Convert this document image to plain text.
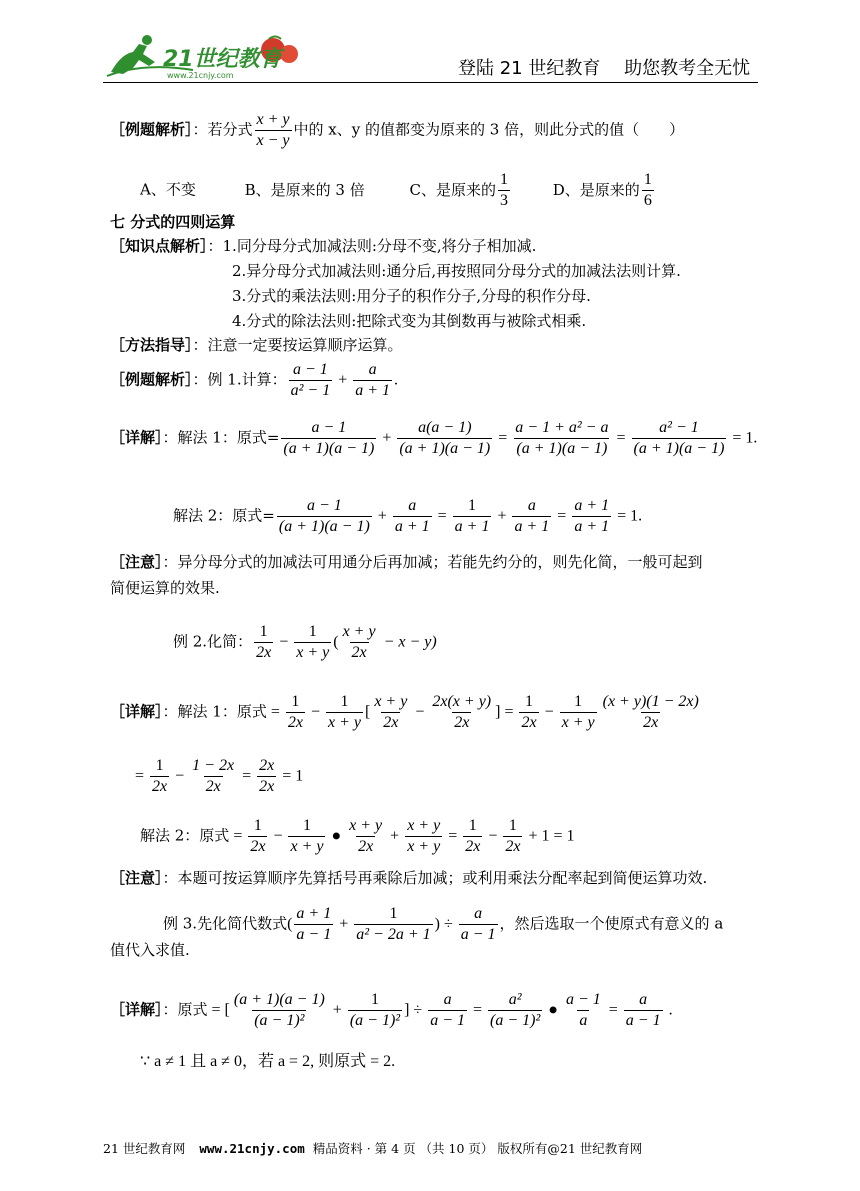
21世纪教育
www.21cnjy.com	登陆 21 世纪教育　 助您教考全无忧
［例题解析］：若分式 $\frac{x + y}{x - y}$ 中的 x、y 的值都变为原来的 3 倍，则此分式的值（　　）
A、不变	B、是原来的 3 倍	C、是原来的 $\frac{1}{3}$	D、是原来的 $\frac{1}{6}$
七 分式的四则运算
［知识点解析］：1.同分母分式加减法则:分母不变,将分子相加减.
2.异分母分式加减法则:通分后,再按照同分母分式的加减法法则计算.
3.分式的乘法法则:用分子的积作分子,分母的积作分母.
4.分式的除法法则:把除式变为其倒数再与被除式相乘.
［方法指导］：注意一定要按运算顺序运算。
［例题解析］：例 1.计算： $\frac{a - 1}{\text{a² − 1}} + \frac{a}{a + 1}$ .
［详解］：解法 1：原式= $\frac{a - 1}{(a + 1)(a - 1)} + \frac{a(a - 1)}{(a + 1)(a - 1)} = \frac{\text{a − 1 + a² − a}}{(a + 1)(a - 1)} = \frac{\text{a² − 1}}{(a + 1)(a - 1)} = 1$.
解法 2：原式= $\frac{a - 1}{(a + 1)(a - 1)} + \frac{a}{a + 1} = \frac{1}{a + 1} + \frac{a}{a + 1} = \frac{a + 1}{a + 1} = 1$.
［注意］：异分母分式的加减法可用通分后再加减；若能先约分的，则先化简，一般可起到
简便运算的效果.
例 2.化简： $\frac{1}{2x} - \frac{1}{x + y}$ ( $\frac{x + y}{2x} - x - y$)
［详解］：解法 1：原式 = $\frac{1}{2x} - \frac{1}{x + y}$ [ $\frac{x + y}{2x} - \frac{2x(x + y)}{2x}$ ] = $\frac{1}{2x} - \frac{1}{x + y} \frac{(x + y)(1 - 2x)}{2x}$
= $\frac{1}{2x} - \frac{1 - 2x}{2x} = \frac{2x}{2x} = 1$
解法 2：原式 = $\frac{1}{2x} - \frac{1}{x + y}$ ● $\frac{x + y}{2x} + \frac{x + y}{x + y} = \frac{1}{2x} - \frac{1}{2x} + 1 = 1$
［注意］：本题可按运算顺序先算括号再乘除后加减；或利用乘法分配率起到简便运算功效.
例 3.先化简代数式( $\frac{a + 1}{a - 1} + \frac{1}{\text{a² − 2a + 1}}$ ) ÷ $\frac{a}{a - 1}$ ，然后选取一个使原式有意义的 a
值代入求值.
［详解］：原式 = [ $\frac{(a + 1)(a - 1)}{\text{(a − 1)²}} + \frac{1}{\text{(a − 1)²}}$ ] ÷ $\frac{a}{a - 1} = \frac{\text{a²}}{\text{(a − 1)²}}$ ● $\frac{a - 1}{a} = \frac{a}{a - 1}$ .
∵ a ≠ 1 且 a ≠ 0，若 a = 2, 则原式 = 2.
21 世纪教育网 www.21cnjy.com 精品资料 · 第 4 页 （共 10 页） 版权所有@21 世纪教育网
